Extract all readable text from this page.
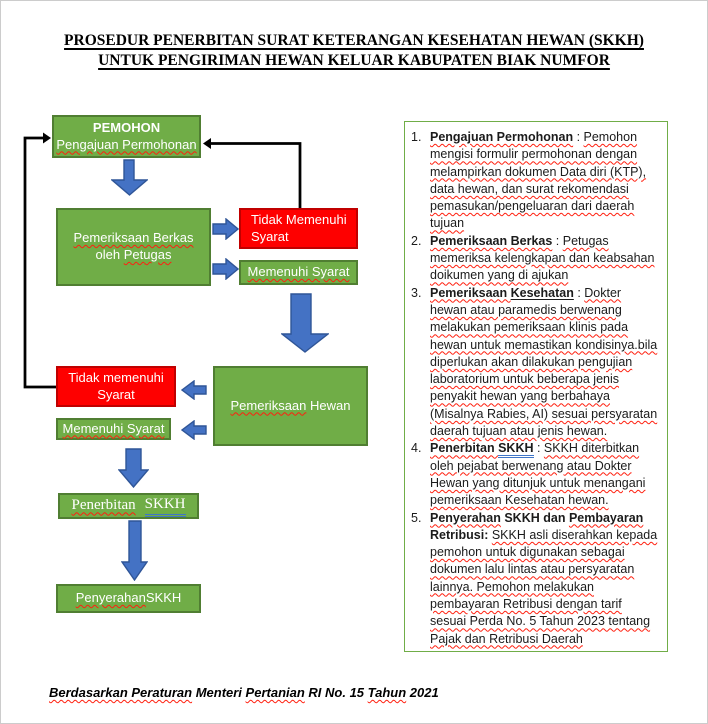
PROSEDUR PENERBITAN SURAT KETERANGAN KESEHATAN HEWAN (SKKH)
UNTUK PENGIRIMAN HEWAN KELUAR KABUPATEN BIAK NUMFOR
PEMOHON
Pengajuan Permohonan
Pemeriksaan Berkas oleh Petugas
Tidak Memenuhi Syarat
Memenuhi Syarat
Pemeriksaan Hewan
Tidak memenuhi Syarat
Memenuhi Syarat
Penerbitan SKKH
Penyerahan SKKH
1. Pengajuan Permohonan : Pemohon mengisi formulir permohonan dengan melampirkan dokumen Data diri (KTP), data hewan, dan surat rekomendasi pemasukan/pengeluaran dari daerah tujuan
2. Pemeriksaan Berkas : Petugas memeriksa kelengkapan dan keabsahan doikumen yang di ajukan
3. Pemeriksaan Kesehatan : Dokter hewan atau paramedis berwenang melakukan pemeriksaan klinis pada hewan untuk memastikan kondisinya.bila diperlukan akan dilakukan pengujian laboratorium untuk beberapa jenis penyakit hewan yang berbahaya (Misalnya Rabies, AI) sesuai persyaratan daerah tujuan atau jenis hewan.
4. Penerbitan SKKH : SKKH diterbitkan oleh pejabat berwenang atau Dokter Hewan yang ditunjuk untuk menangani pemeriksaan Kesehatan hewan.
5. Penyerahan SKKH dan Pembayaran Retribusi: SKKH asli diserahkan kepada pemohon untuk digunakan sebagai dokumen lalu lintas atau persyaratan lainnya. Pemohon melakukan pembayaran Retribusi dengan tarif sesuai Perda No. 5 Tahun 2023 tentang Pajak dan Retribusi Daerah
Berdasarkan Peraturan Menteri Pertanian RI No. 15 Tahun 2021
